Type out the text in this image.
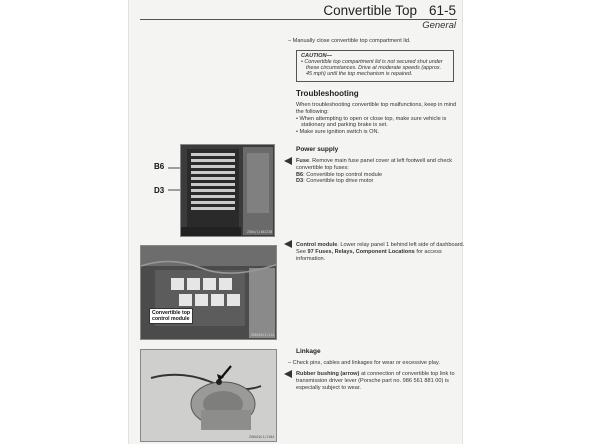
Convertible Top 61-5
General
– Manually close convertible top compartment lid.
CAUTION—
• Convertible top compartment lid is not secured shut under
these circumstances. Drive at moderate speeds (approx.
45 mph) until the top mechanism is repaired.
Troubleshooting
When troubleshooting convertible top malfunctions, keep in mind
the following:
• When attempting to open or close top, make sure vehicle is
stationary and parking brake is set.
• Make sure ignition switch is ON.
Power supply
Fuse. Remove main fuse panel cover at left footwell and check
convertible top fuses:
B6: Convertible top control module
D3: Convertible top drive motor
Control module. Lower relay panel 1 behind left side of dashboard.
See 97 Fuses, Relays, Component Locations for access
information.
Linkage
– Check pins, cables and linkages for wear or excessive play.
Rubber bushing (arrow) at connection of convertible top link to
transmission driver lever (Porsche part no. 986 561 881 00) is
especially subject to wear.
B6
D3
ZX64/1/4022IB
Convertible top
control module
ZX6410/1/114
ZX6410/1/1104
